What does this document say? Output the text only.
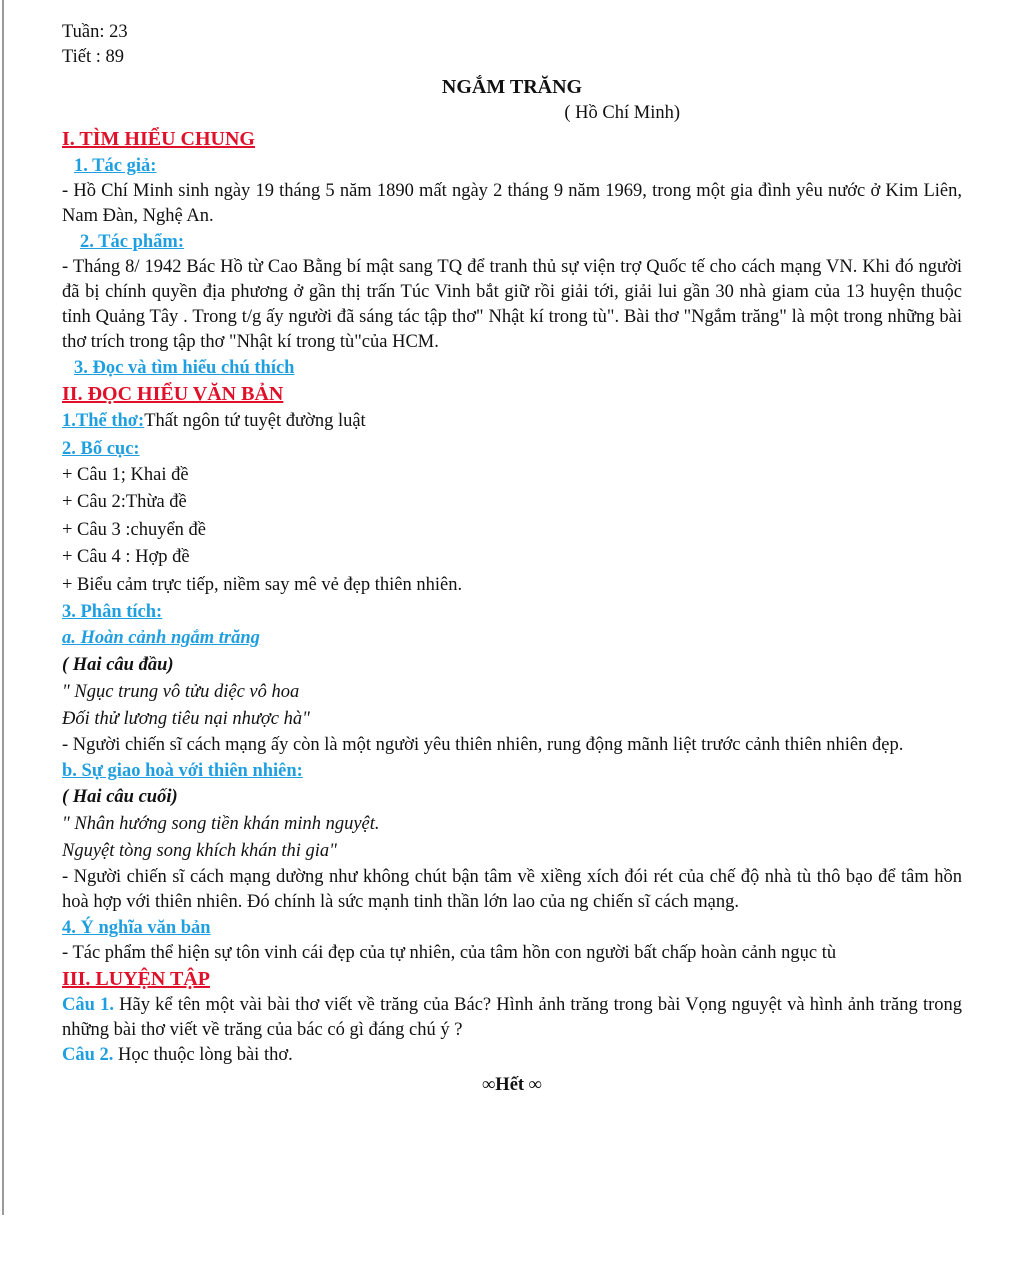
Tuần: 23
Tiết : 89
NGẮM TRĂNG
( Hồ Chí Minh)
I. TÌM HIỂU CHUNG
1. Tác giả:
- Hồ Chí Minh sinh ngày 19 tháng 5 năm 1890 mất ngày 2 tháng 9 năm 1969, trong một gia đình yêu nước ở Kim Liên, Nam Đàn, Nghệ An.
2. Tác phẩm:
- Tháng 8/ 1942 Bác Hồ từ Cao Bằng bí mật sang TQ để tranh thủ sự viện trợ Quốc tế cho cách mạng VN. Khi đó người đã bị chính quyền địa phương ở gần thị trấn Túc Vinh bắt giữ rồi giải tới, giải lui gần 30 nhà giam của 13 huyện thuộc tỉnh Quảng Tây . Trong t/g ấy người đã sáng tác tập thơ" Nhật kí trong tù". Bài thơ "Ngắm trăng" là một trong những bài thơ trích trong tập thơ "Nhật kí trong tù"của HCM.
3. Đọc và tìm hiểu chú thích
II. ĐỌC HIỂU VĂN BẢN
1.Thể thơ:Thất ngôn tứ tuyệt đường luật
2. Bố cục:
+ Câu 1; Khai đề
+ Câu 2:Thừa đề
+ Câu 3 :chuyển đề
+ Câu 4 : Hợp đề
+ Biểu cảm trực tiếp, niềm say mê vẻ đẹp thiên nhiên.
3. Phân tích:
a. Hoàn cảnh ngắm trăng
( Hai câu đầu)
" Ngục trung vô tửu diệc vô hoa
Đối thử lương tiêu nại nhược hà"
- Người chiến sĩ cách mạng ấy còn là một người yêu thiên nhiên, rung động mãnh liệt trước cảnh thiên nhiên đẹp.
b. Sự giao hoà với thiên nhiên:
( Hai câu cuối)
" Nhân hướng song tiền khán minh nguyệt.
Nguyệt tòng song khích khán thi gia"
- Người chiến sĩ cách mạng dường như không chút bận tâm về xiềng xích đói rét của chế độ nhà tù thô bạo để tâm hồn hoà hợp với thiên nhiên. Đó chính là sức mạnh tinh thần lớn lao của ng chiến sĩ cách mạng.
4. Ý nghĩa văn bản
- Tác phẩm thể hiện sự tôn vinh cái đẹp của tự nhiên, của tâm hồn con người bất chấp hoàn cảnh ngục tù
III. LUYỆN TẬP
Câu 1. Hãy kể tên một vài bài thơ viết về trăng của Bác? Hình ảnh trăng trong bài Vọng nguyệt và hình ảnh trăng trong những bài thơ viết về trăng của bác có gì đáng chú ý ?
Câu 2. Học thuộc lòng bài thơ.
∞Hết ∞
